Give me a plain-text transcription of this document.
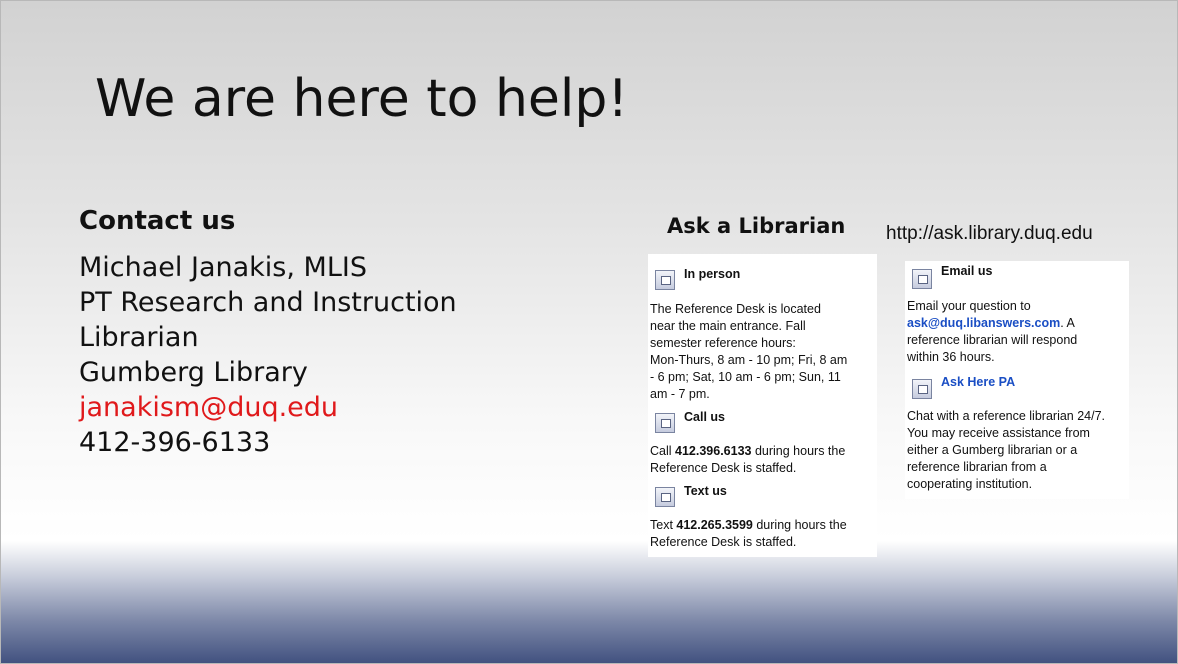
We are here to help!
Contact us
Michael Janakis, MLIS
PT Research and Instruction
Librarian
Gumberg Library
janakism@duq.edu
412-396-6133
Ask a Librarian http://ask.library.duq.edu
In person
The Reference Desk is located
near the main entrance. Fall
semester reference hours:
Mon-Thurs, 8 am - 10 pm; Fri, 8 am
- 6 pm; Sat, 10 am - 6 pm; Sun, 11
am - 7 pm.
Call us
Call 412.396.6133 during hours the
Reference Desk is staffed.
Text us
Text 412.265.3599 during hours the
Reference Desk is staffed.
Email us
Email your question to
ask@duq.libanswers.com. A
reference librarian will respond
within 36 hours.
Ask Here PA
Chat with a reference librarian 24/7.
You may receive assistance from
either a Gumberg librarian or a
reference librarian from a
cooperating institution.
